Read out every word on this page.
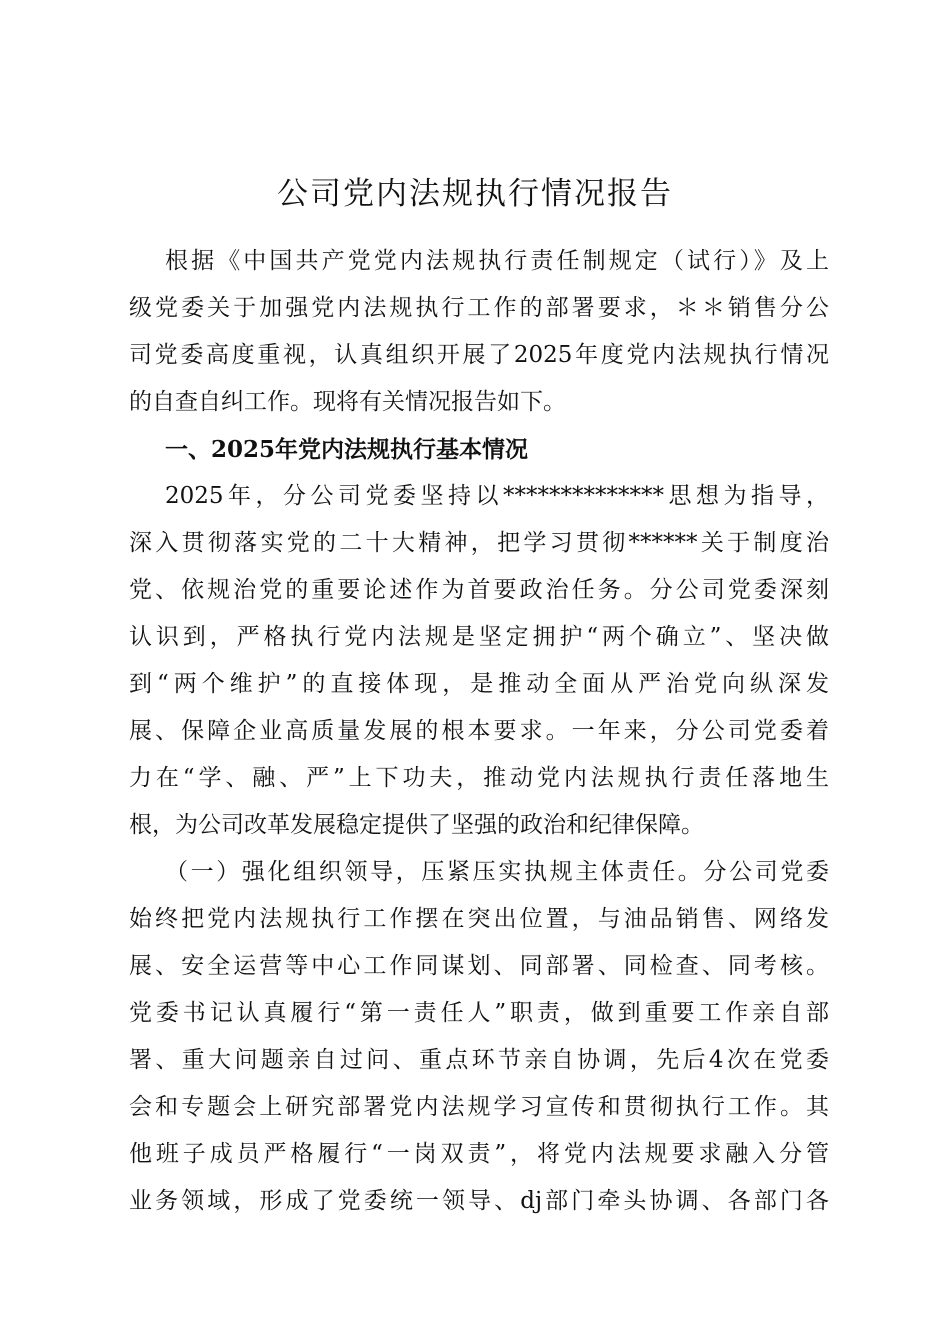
公司党内法规执行情况报告
根据《中国共产党党内法规执行责任制规定（试行）》及上
级党委关于加强党内法规执行工作的部署要求，＊＊销售分公
司党委高度重视，认真组织开展了2025年度党内法规执行情况
的自查自纠工作。现将有关情况报告如下。
一、2025年党内法规执行基本情况
2025年，分公司党委坚持以**************思想为指导，
深入贯彻落实党的二十大精神，把学习贯彻******关于制度治
党、依规治党的重要论述作为首要政治任务。分公司党委深刻
认识到，严格执行党内法规是坚定拥护“两个确立”、坚决做
到“两个维护”的直接体现，是推动全面从严治党向纵深发
展、保障企业高质量发展的根本要求。一年来，分公司党委着
力在“学、融、严”上下功夫，推动党内法规执行责任落地生
根，为公司改革发展稳定提供了坚强的政治和纪律保障。
（一）强化组织领导，压紧压实执规主体责任。分公司党委
始终把党内法规执行工作摆在突出位置，与油品销售、网络发
展、安全运营等中心工作同谋划、同部署、同检查、同考核。
党委书记认真履行“第一责任人”职责，做到重要工作亲自部
署、重大问题亲自过问、重点环节亲自协调，先后4次在党委
会和专题会上研究部署党内法规学习宣传和贯彻执行工作。其
他班子成员严格履行“一岗双责”，将党内法规要求融入分管
业务领域，形成了党委统一领导、dj部门牵头协调、各部门各
